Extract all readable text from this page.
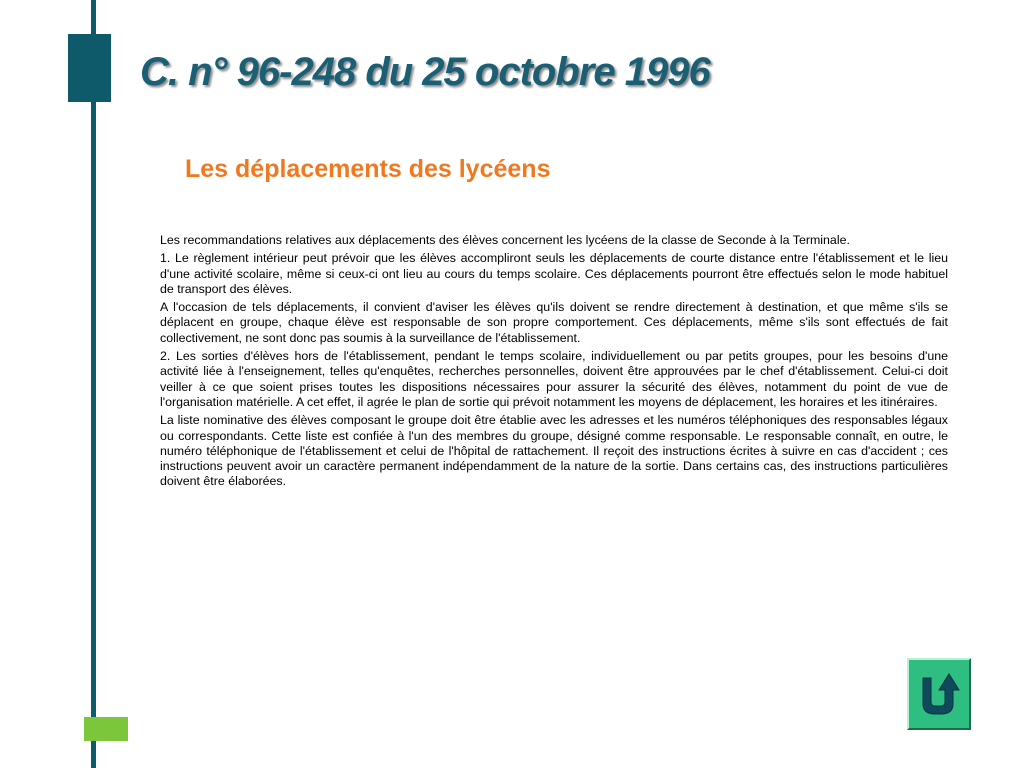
C. n° 96-248 du 25 octobre 1996
Les déplacements des lycéens

Les recommandations relatives aux déplacements des élèves concernent les lycéens de la classe de Seconde à la Terminale.

1. Le règlement intérieur peut prévoir que les élèves accompliront seuls les déplacements de courte distance entre l'établissement et le lieu d'une activité scolaire, même si ceux-ci ont lieu au cours du temps scolaire. Ces déplacements pourront être effectués selon le mode habituel de transport des élèves.

A l'occasion de tels déplacements, il convient d'aviser les élèves qu'ils doivent se rendre directement à destination, et que même s'ils se déplacent en groupe, chaque élève est responsable de son propre comportement. Ces déplacements, même s'ils sont effectués de fait collectivement, ne sont donc pas soumis à la surveillance de l'établissement.

2. Les sorties d'élèves hors de l'établissement, pendant le temps scolaire, individuellement ou par petits groupes, pour les besoins d'une activité liée à l'enseignement, telles qu'enquêtes, recherches personnelles, doivent être approuvées par le chef d'établissement. Celui-ci doit veiller à ce que soient prises toutes les dispositions nécessaires pour assurer la sécurité des élèves, notamment du point de vue de l'organisation matérielle. A cet effet, il agrée le plan de sortie qui prévoit notamment les moyens de déplacement, les horaires et les itinéraires.

La liste nominative des élèves composant le groupe doit être établie avec les adresses et les numéros téléphoniques des responsables légaux ou correspondants. Cette liste est confiée à l'un des membres du groupe, désigné comme responsable. Le responsable connaît, en outre, le numéro téléphonique de l'établissement et celui de l'hôpital de rattachement. Il reçoit des instructions écrites à suivre en cas d'accident ; ces instructions peuvent avoir un caractère permanent indépendamment de la nature de la sortie. Dans certains cas, des instructions particulières doivent être élaborées.
